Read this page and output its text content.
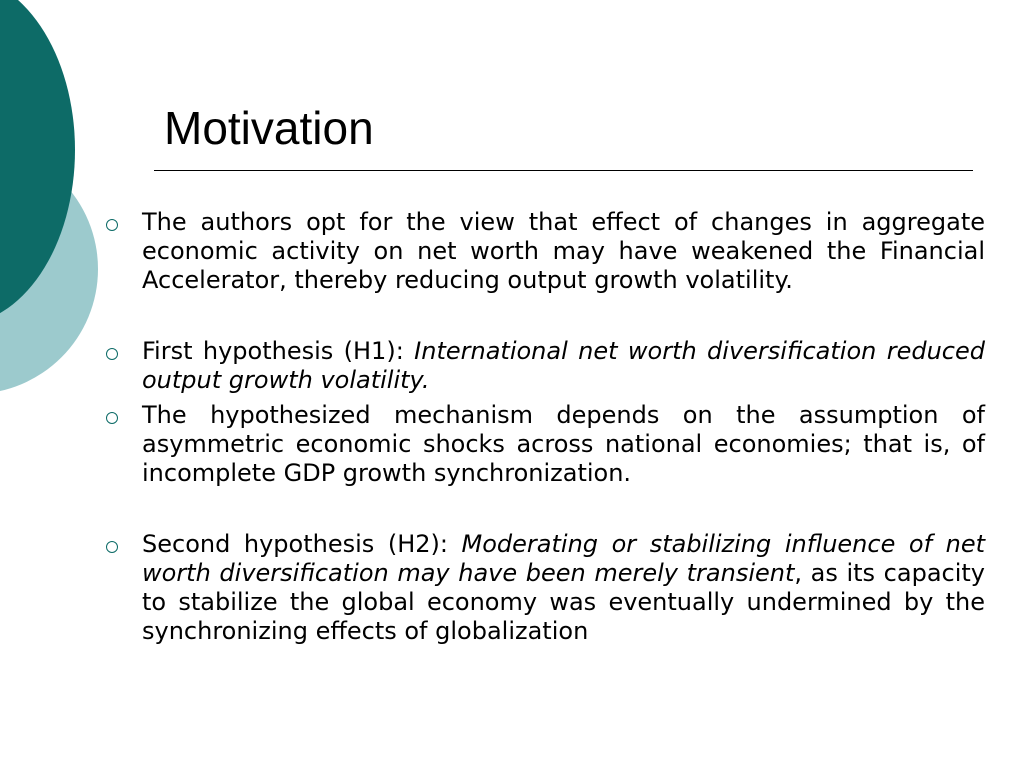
Motivation
The authors opt for the view that effect of changes in aggregate economic activity on net worth may have weakened the Financial Accelerator, thereby reducing output growth volatility.
First hypothesis (H1): International net worth diversification reduced output growth volatility.
The hypothesized mechanism depends on the assumption of asymmetric economic shocks across national economies; that is, of incomplete GDP growth synchronization.
Second hypothesis (H2): Moderating or stabilizing influence of net worth diversification may have been merely transient, as its capacity to stabilize the global economy was eventually undermined by the synchronizing effects of globalization
